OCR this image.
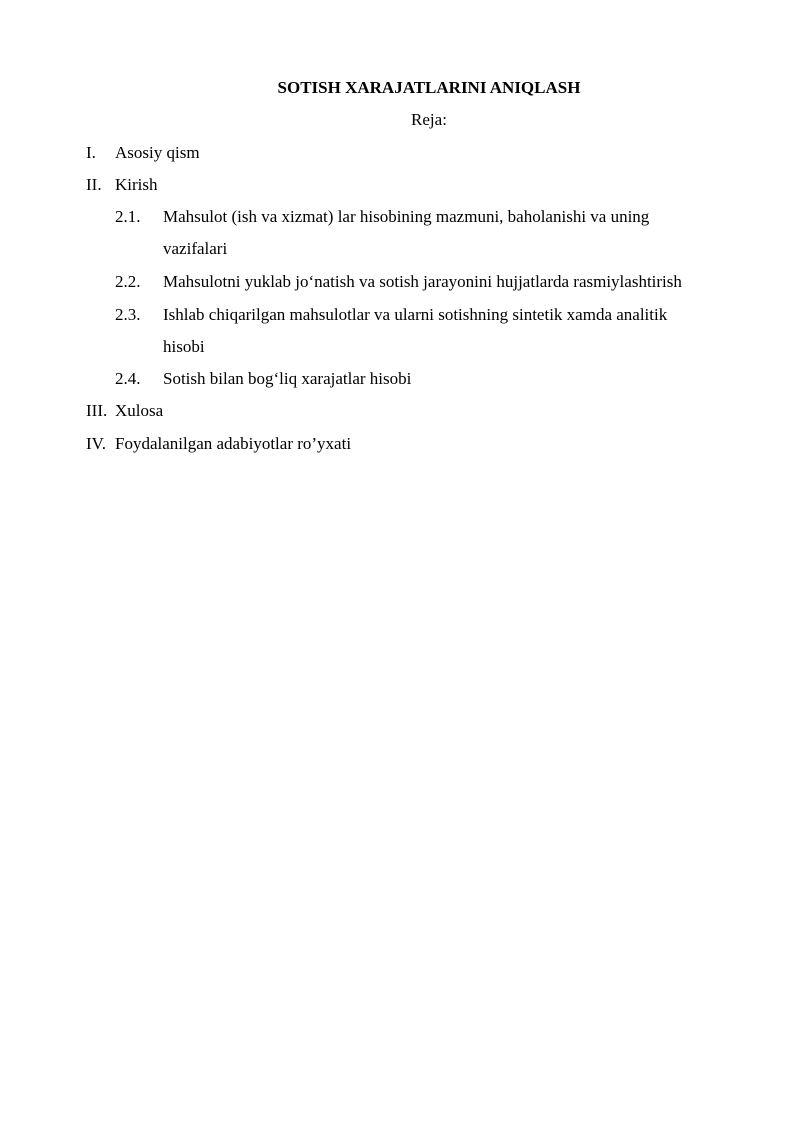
SOTISH XARAJATLARINI ANIQLASH
Reja:
I. Asosiy qism
II. Kirish
2.1. Mahsulot (ish va xizmat) lar hisobining mazmuni, baholanishi va uning
vazifalari
2.2. Mahsulotni yuklab jo‘natish va sotish jarayonini hujjatlarda rasmiylashtirish
2.3. Ishlab chiqarilgan mahsulotlar va ularni sotishning sintetik xamda analitik
hisobi
2.4. Sotish bilan bog‘liq xarajatlar hisobi
III. Xulosa
IV. Foydalanilgan adabiyotlar ro’yxati
